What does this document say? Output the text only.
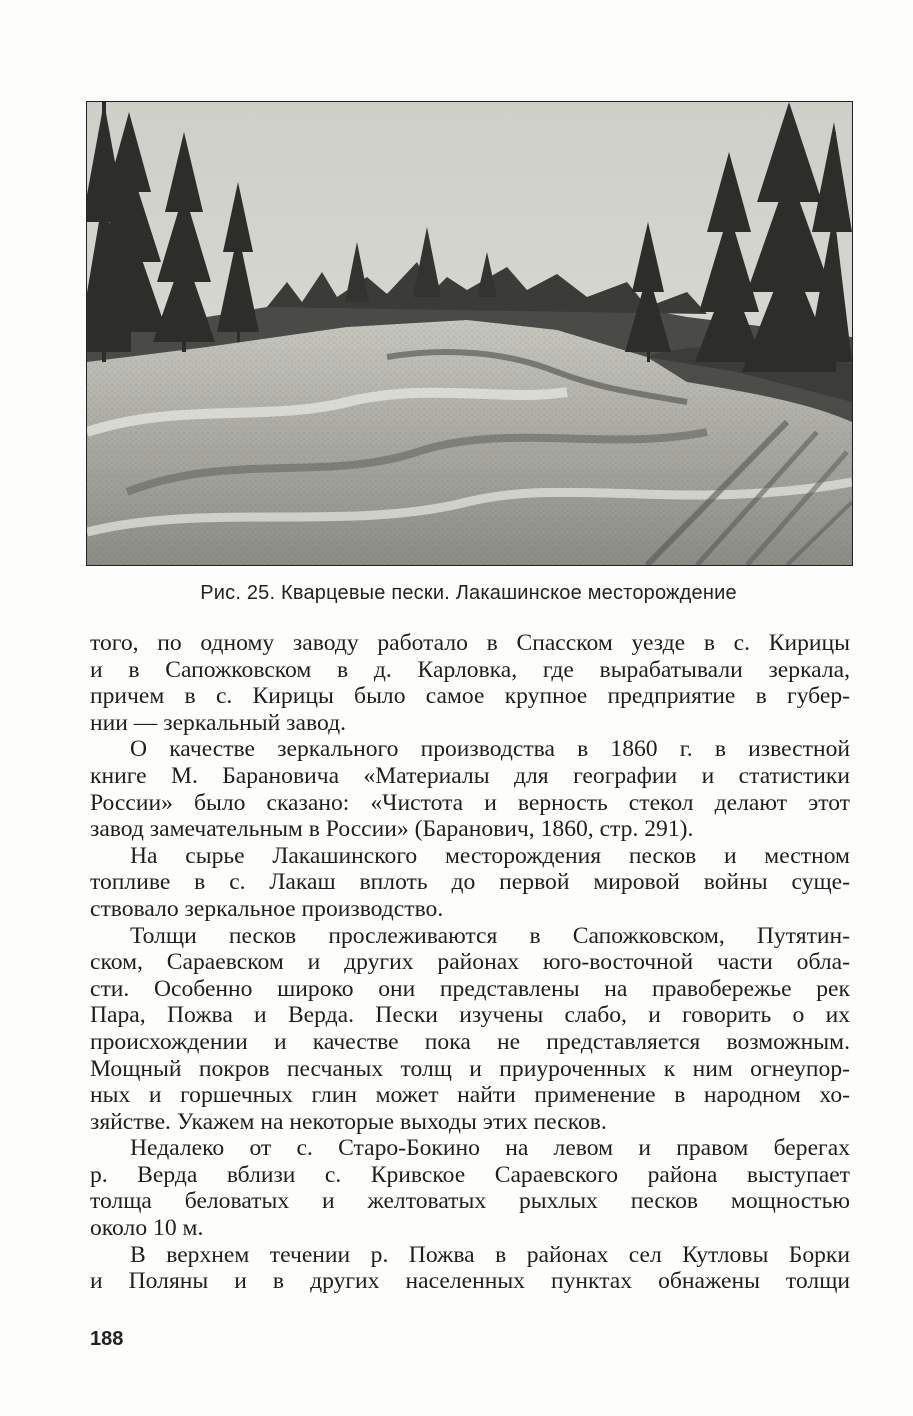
Рис. 25. Кварцевые пески. Лакашинское месторождение
того, по одному заводу работало в Спасском уезде в с. Кирицы
и в Сапожковском в д. Карловка, где вырабатывали зеркала,
причем в с. Кирицы было самое крупное предприятие в губер-
нии — зеркальный завод.
О качестве зеркального производства в 1860 г. в известной
книге М. Барановича «Материалы для географии и статистики
России» было сказано: «Чистота и верность стекол делают этот
завод замечательным в России» (Баранович, 1860, стр. 291).
На сырье Лакашинского месторождения песков и местном
топливе в с. Лакаш вплоть до первой мировой войны суще-
ствовало зеркальное производство.
Толщи песков прослеживаются в Сапожковском, Путятин-
ском, Сараевском и других районах юго-восточной части обла-
сти. Особенно широко они представлены на правобережье рек
Пара, Пожва и Верда. Пески изучены слабо, и говорить о их
происхождении и качестве пока не представляется возможным.
Мощный покров песчаных толщ и приуроченных к ним огнеупор-
ных и горшечных глин может найти применение в народном хо-
зяйстве. Укажем на некоторые выходы этих песков.
Недалеко от с. Старо-Бокино на левом и правом берегах
р. Верда вблизи с. Кривское Сараевского района выступает
толща беловатых и желтоватых рыхлых песков мощностью
около 10 м.
В верхнем течении р. Пожва в районах сел Кутловы Борки
и Поляны и в других населенных пунктах обнажены толщи
188
